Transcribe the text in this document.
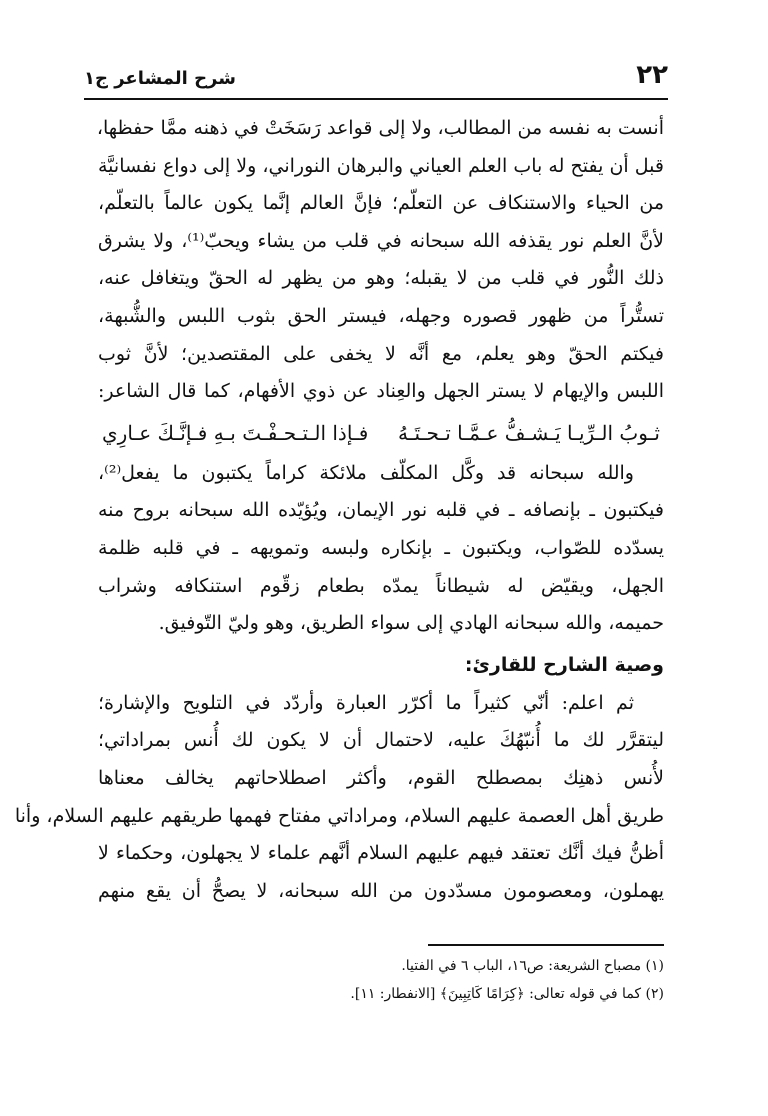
٢٢
شرح المشاعر ج١
أنست به نفسه من المطالب، ولا إلى قواعد رَسَخَتْ في ذهنه ممَّا حفظها،
قبل أن يفتح له باب العلم العياني والبرهان النوراني، ولا إلى دواع نفسانيَّة
من الحياء والاستنكاف عن التعلّم؛ فإنَّ العالم إنَّما يكون عالماً بالتعلّم،
لأنَّ العلم نور يقذفه الله سبحانه في قلب من يشاء ويحبّ⁽¹⁾، ولا يشرق
ذلك النُّور في قلب من لا يقبله؛ وهو من يظهر له الحقّ ويتغافل عنه،
تستُّراً من ظهور قصوره وجهله، فيستر الحق بثوب اللبس والشُّبهة،
فيكتم الحقّ وهو يعلم، مع أنَّه لا يخفى على المقتصدين؛ لأنَّ ثوب
اللبس والإيهام لا يستر الجهل والعِناد عن ذوي الأفهام، كما قال الشاعر:
ثـوبُ الـرِّيـا يَـشـفُّ عـمَّـا تـحـتَـهُ
فـإذا الـتـحـفْـتَ بـهِ فـإنَّـكَ عـارِي
والله سبحانه قد وكَّل المكلّف ملائكة كراماً يكتبون ما يفعل⁽²⁾،
فيكتبون ـ بإنصافه ـ في قلبه نور الإيمان، ويُؤيّده الله سبحانه بروح منه
يسدّده للصّواب، ويكتبون ـ بإنكاره ولبسه وتمويهه ـ في قلبه ظلمة
الجهل، ويقيّض له شيطاناً يمدّه بطعام زقّوم استنكافه وشراب
حميمه، والله سبحانه الهادي إلى سواء الطريق، وهو وليّ التّوفيق.
وصية الشارح للقارئ:
ثم اعلم: أنّي كثيراً ما أكرّر العبارة وأردّد في التلويح والإشارة؛
ليتقرَّر لك ما أُنبّهُكَ عليه، لاحتمال أن لا يكون لك أُنس بمراداتي؛
لأُنس ذهنِك بمصطلح القوم، وأكثر اصطلاحاتهم يخالف معناها
طريق أهل العصمة عليهم السلام، ومراداتي مفتاح فهمها طريقهم عليهم السلام، وأنا
أظنُّ فيك أنَّك تعتقد فيهم عليهم السلام أنَّهم علماء لا يجهلون، وحكماء لا
يهملون، ومعصومون مسدّدون من الله سبحانه، لا يصحُّ أن يقع منهم
(١) مصباح الشريعة: ص١٦، الباب ٦ في الفتيا.
(٢) كما في قوله تعالى: ﴿كِرَامًا كَاتِبِينَ﴾ [الانفطار: ١١].
